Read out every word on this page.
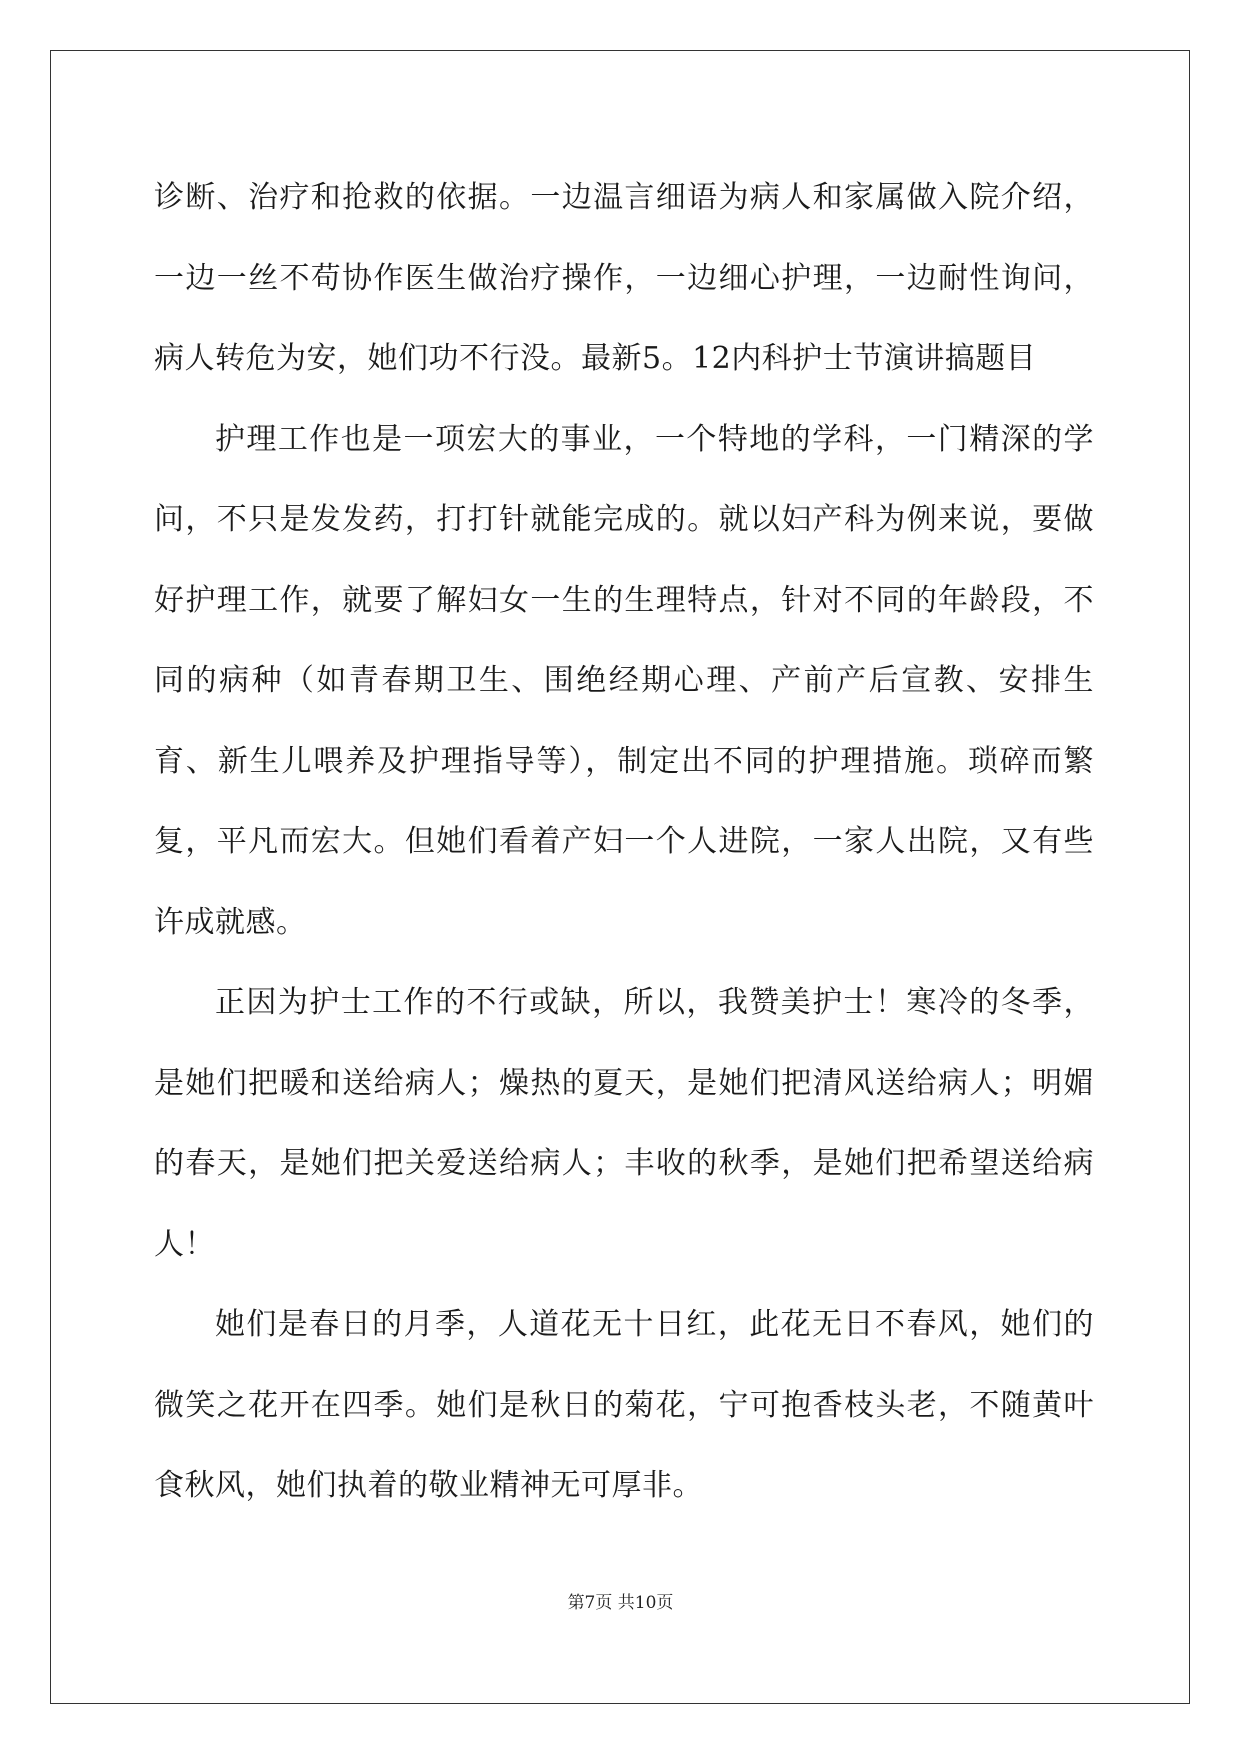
诊断、治疗和抢救的依据。一边温言细语为病人和家属做入院介绍，一边一丝不苟协作医生做治疗操作，一边细心护理，一边耐性询问，病人转危为安，她们功不行没。最新5。12内科护士节演讲搞题目

护理工作也是一项宏大的事业，一个特地的学科，一门精深的学问，不只是发发药，打打针就能完成的。就以妇产科为例来说，要做好护理工作，就要了解妇女一生的生理特点，针对不同的年龄段，不同的病种（如青春期卫生、围绝经期心理、产前产后宣教、安排生育、新生儿喂养及护理指导等），制定出不同的护理措施。琐碎而繁复，平凡而宏大。但她们看着产妇一个人进院，一家人出院，又有些许成就感。

正因为护士工作的不行或缺，所以，我赞美护士！寒冷的冬季，是她们把暖和送给病人；燥热的夏天，是她们把清风送给病人；明媚的春天，是她们把关爱送给病人；丰收的秋季，是她们把希望送给病人！

她们是春日的月季，人道花无十日红，此花无日不春风，她们的微笑之花开在四季。她们是秋日的菊花，宁可抱香枝头老，不随黄叶食秋风，她们执着的敬业精神无可厚非。

第7页 共10页
